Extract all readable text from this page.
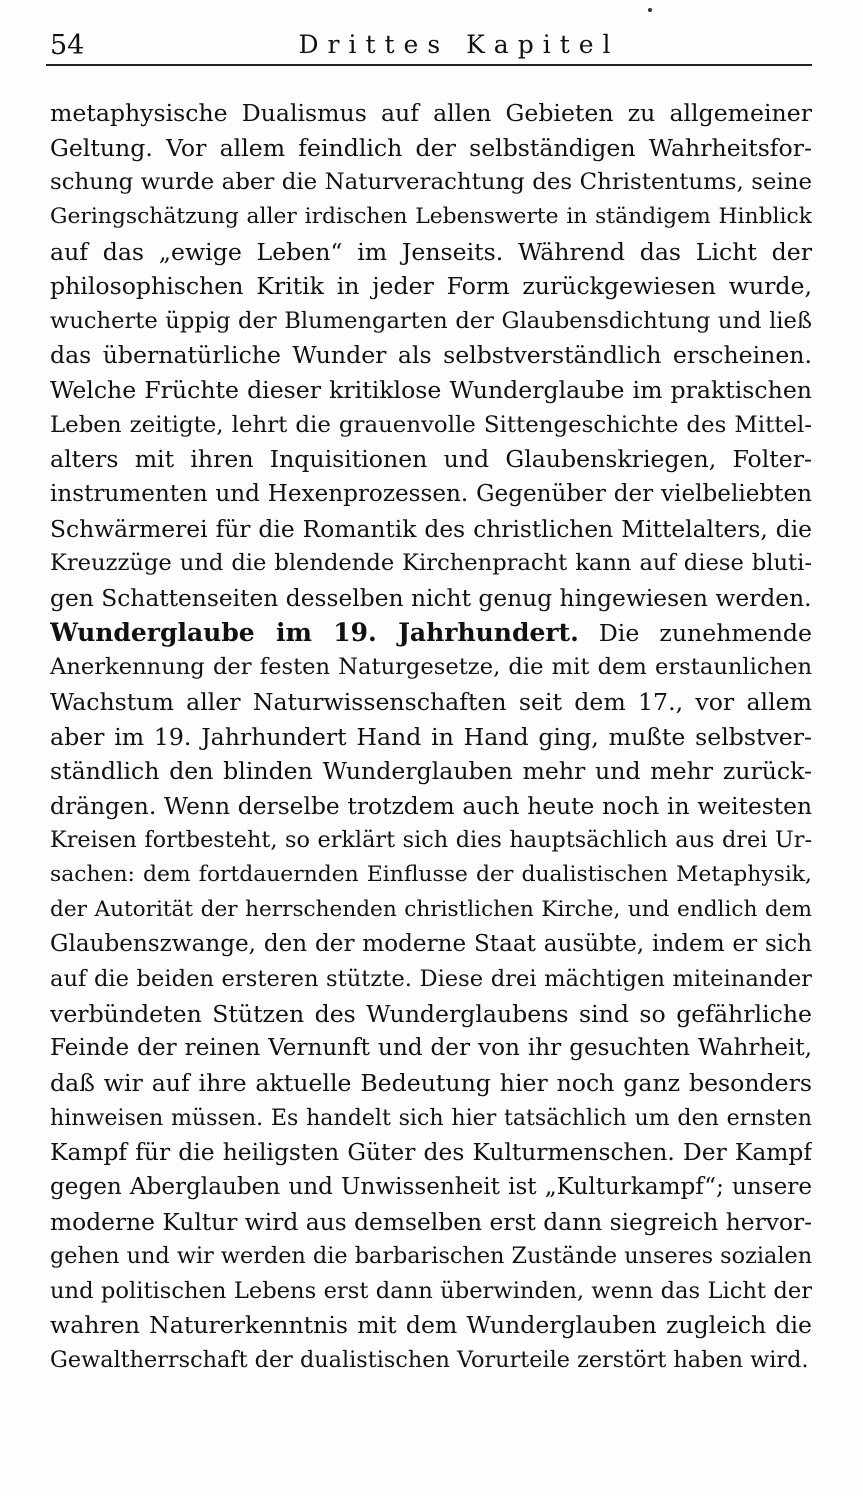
54	Drittes Kapitel
metaphysische Dualismus auf allen Gebieten zu allgemeiner
Geltung. Vor allem feindlich der selbständigen Wahrheitsfor-
schung wurde aber die Naturverachtung des Christentums, seine
Geringschätzung aller irdischen Lebenswerte in ständigem Hinblick
auf das „ewige Leben“ im Jenseits. Während das Licht der
philosophischen Kritik in jeder Form zurückgewiesen wurde,
wucherte üppig der Blumengarten der Glaubensdichtung und ließ
das übernatürliche Wunder als selbstverständlich erscheinen.
Welche Früchte dieser kritiklose Wunderglaube im praktischen
Leben zeitigte, lehrt die grauenvolle Sittengeschichte des Mittel-
alters mit ihren Inquisitionen und Glaubenskriegen, Folter-
instrumenten und Hexenprozessen. Gegenüber der vielbeliebten
Schwärmerei für die Romantik des christlichen Mittelalters, die
Kreuzzüge und die blendende Kirchenpracht kann auf diese bluti-
gen Schattenseiten desselben nicht genug hingewiesen werden.
Wunderglaube im 19. Jahrhundert. Die zunehmende
Anerkennung der festen Naturgesetze, die mit dem erstaunlichen
Wachstum aller Naturwissenschaften seit dem 17., vor allem
aber im 19. Jahrhundert Hand in Hand ging, mußte selbstver-
ständlich den blinden Wunderglauben mehr und mehr zurück-
drängen. Wenn derselbe trotzdem auch heute noch in weitesten
Kreisen fortbesteht, so erklärt sich dies hauptsächlich aus drei Ur-
sachen: dem fortdauernden Einflusse der dualistischen Metaphysik,
der Autorität der herrschenden christlichen Kirche, und endlich dem
Glaubenszwange, den der moderne Staat ausübte, indem er sich
auf die beiden ersteren stützte. Diese drei mächtigen miteinander
verbündeten Stützen des Wunderglaubens sind so gefährliche
Feinde der reinen Vernunft und der von ihr gesuchten Wahrheit,
daß wir auf ihre aktuelle Bedeutung hier noch ganz besonders
hinweisen müssen. Es handelt sich hier tatsächlich um den ernsten
Kampf für die heiligsten Güter des Kulturmenschen. Der Kampf
gegen Aberglauben und Unwissenheit ist „Kulturkampf“; unsere
moderne Kultur wird aus demselben erst dann siegreich hervor-
gehen und wir werden die barbarischen Zustände unseres sozialen
und politischen Lebens erst dann überwinden, wenn das Licht der
wahren Naturerkenntnis mit dem Wunderglauben zugleich die
Gewaltherrschaft der dualistischen Vorurteile zerstört haben wird.
